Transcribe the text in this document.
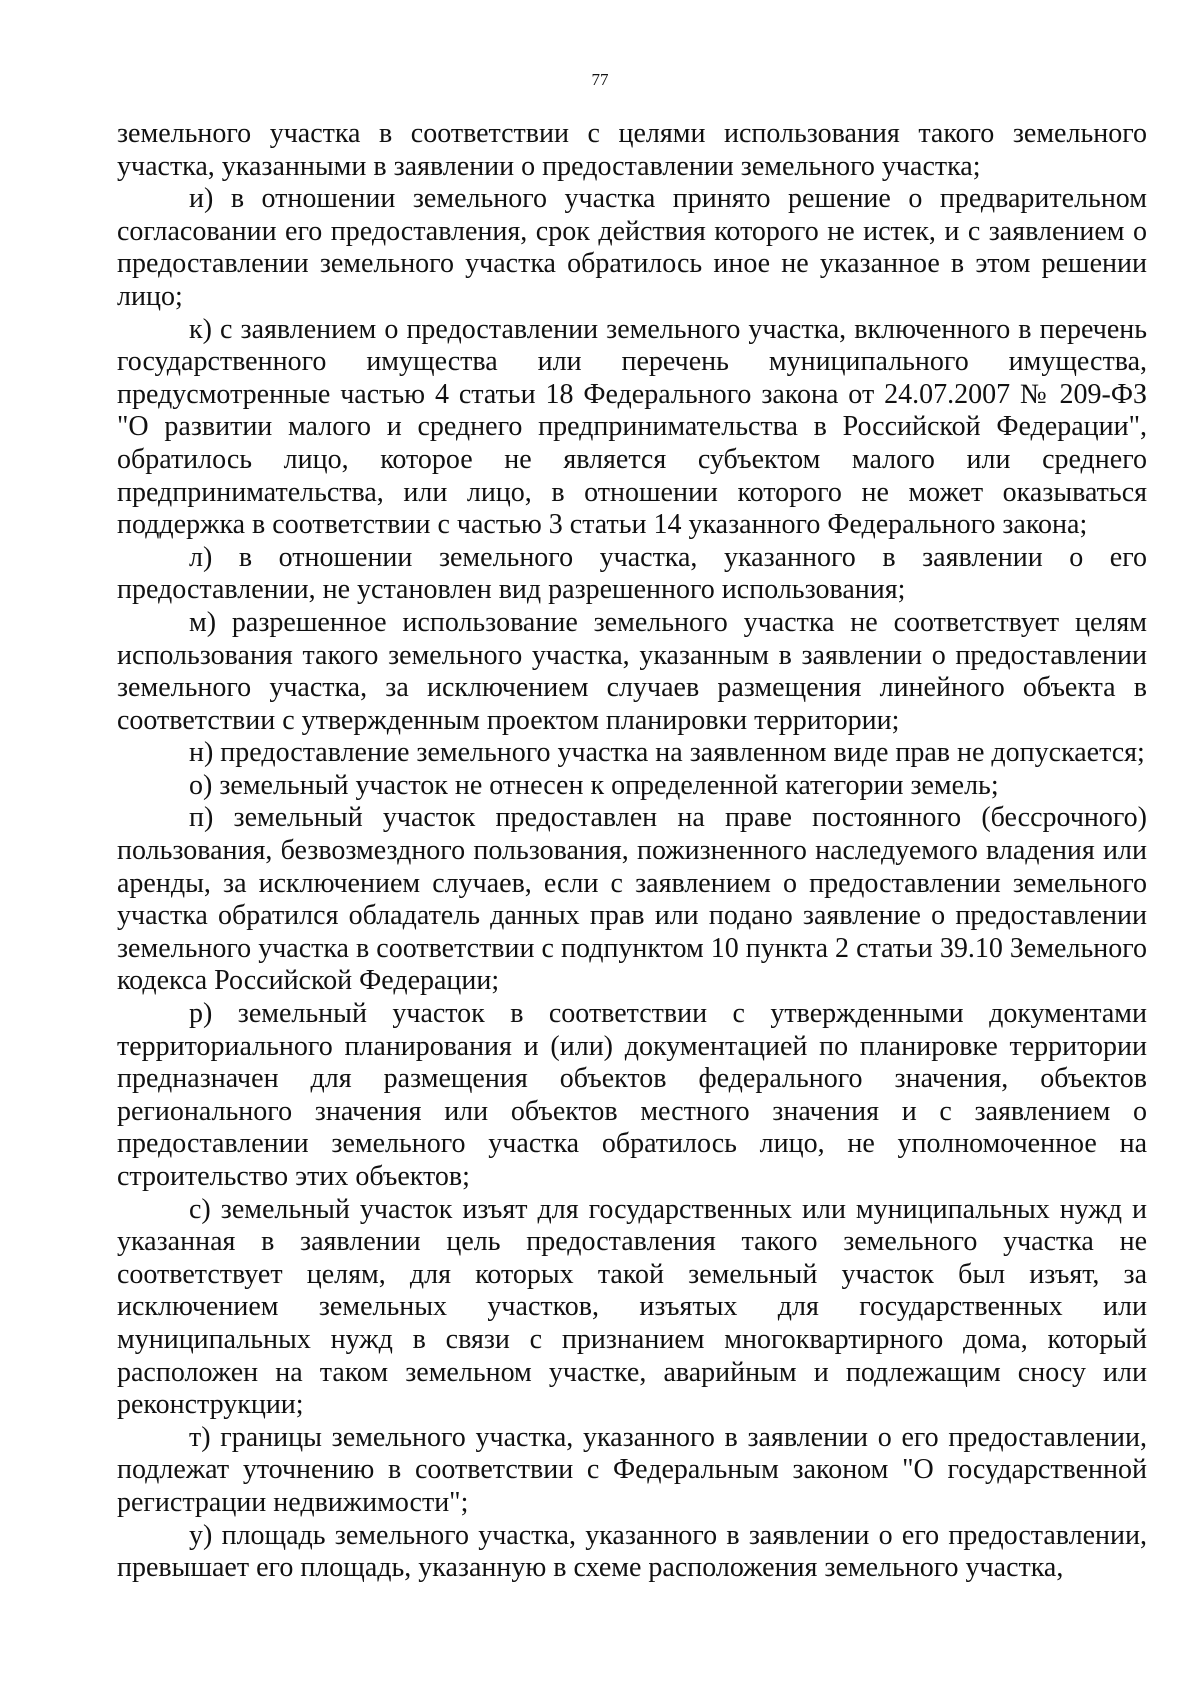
77

земельного участка в соответствии с целями использования такого земельного участка, указанными в заявлении о предоставлении земельного участка;

и) в отношении земельного участка принято решение о предварительном согласовании его предоставления, срок действия которого не истек, и с заявлением о предоставлении земельного участка обратилось иное не указанное в этом решении лицо;

к) с заявлением о предоставлении земельного участка, включенного в перечень государственного имущества или перечень муниципального имущества, предусмотренные частью 4 статьи 18 Федерального закона от 24.07.2007 № 209-ФЗ "О развитии малого и среднего предпринимательства в Российской Федерации", обратилось лицо, которое не является субъектом малого или среднего предпринимательства, или лицо, в отношении которого не может оказываться поддержка в соответствии с частью 3 статьи 14 указанного Федерального закона;

л) в отношении земельного участка, указанного в заявлении о его предоставлении, не установлен вид разрешенного использования;

м) разрешенное использование земельного участка не соответствует целям использования такого земельного участка, указанным в заявлении о предоставлении земельного участка, за исключением случаев размещения линейного объекта в соответствии с утвержденным проектом планировки территории;

н) предоставление земельного участка на заявленном виде прав не допускается;

о) земельный участок не отнесен к определенной категории земель;

п) земельный участок предоставлен на праве постоянного (бессрочного) пользования, безвозмездного пользования, пожизненного наследуемого владения или аренды, за исключением случаев, если с заявлением о предоставлении земельного участка обратился обладатель данных прав или подано заявление о предоставлении земельного участка в соответствии с подпунктом 10 пункта 2 статьи 39.10 Земельного кодекса Российской Федерации;

р) земельный участок в соответствии с утвержденными документами территориального планирования и (или) документацией по планировке территории предназначен для размещения объектов федерального значения, объектов регионального значения или объектов местного значения и с заявлением о предоставлении земельного участка обратилось лицо, не уполномоченное на строительство этих объектов;

с) земельный участок изъят для государственных или муниципальных нужд и указанная в заявлении цель предоставления такого земельного участка не соответствует целям, для которых такой земельный участок был изъят, за исключением земельных участков, изъятых для государственных или муниципальных нужд в связи с признанием многоквартирного дома, который расположен на таком земельном участке, аварийным и подлежащим сносу или реконструкции;

т) границы земельного участка, указанного в заявлении о его предоставлении, подлежат уточнению в соответствии с Федеральным законом "О государственной регистрации недвижимости";

у) площадь земельного участка, указанного в заявлении о его предоставлении, превышает его площадь, указанную в схеме расположения земельного участка,
